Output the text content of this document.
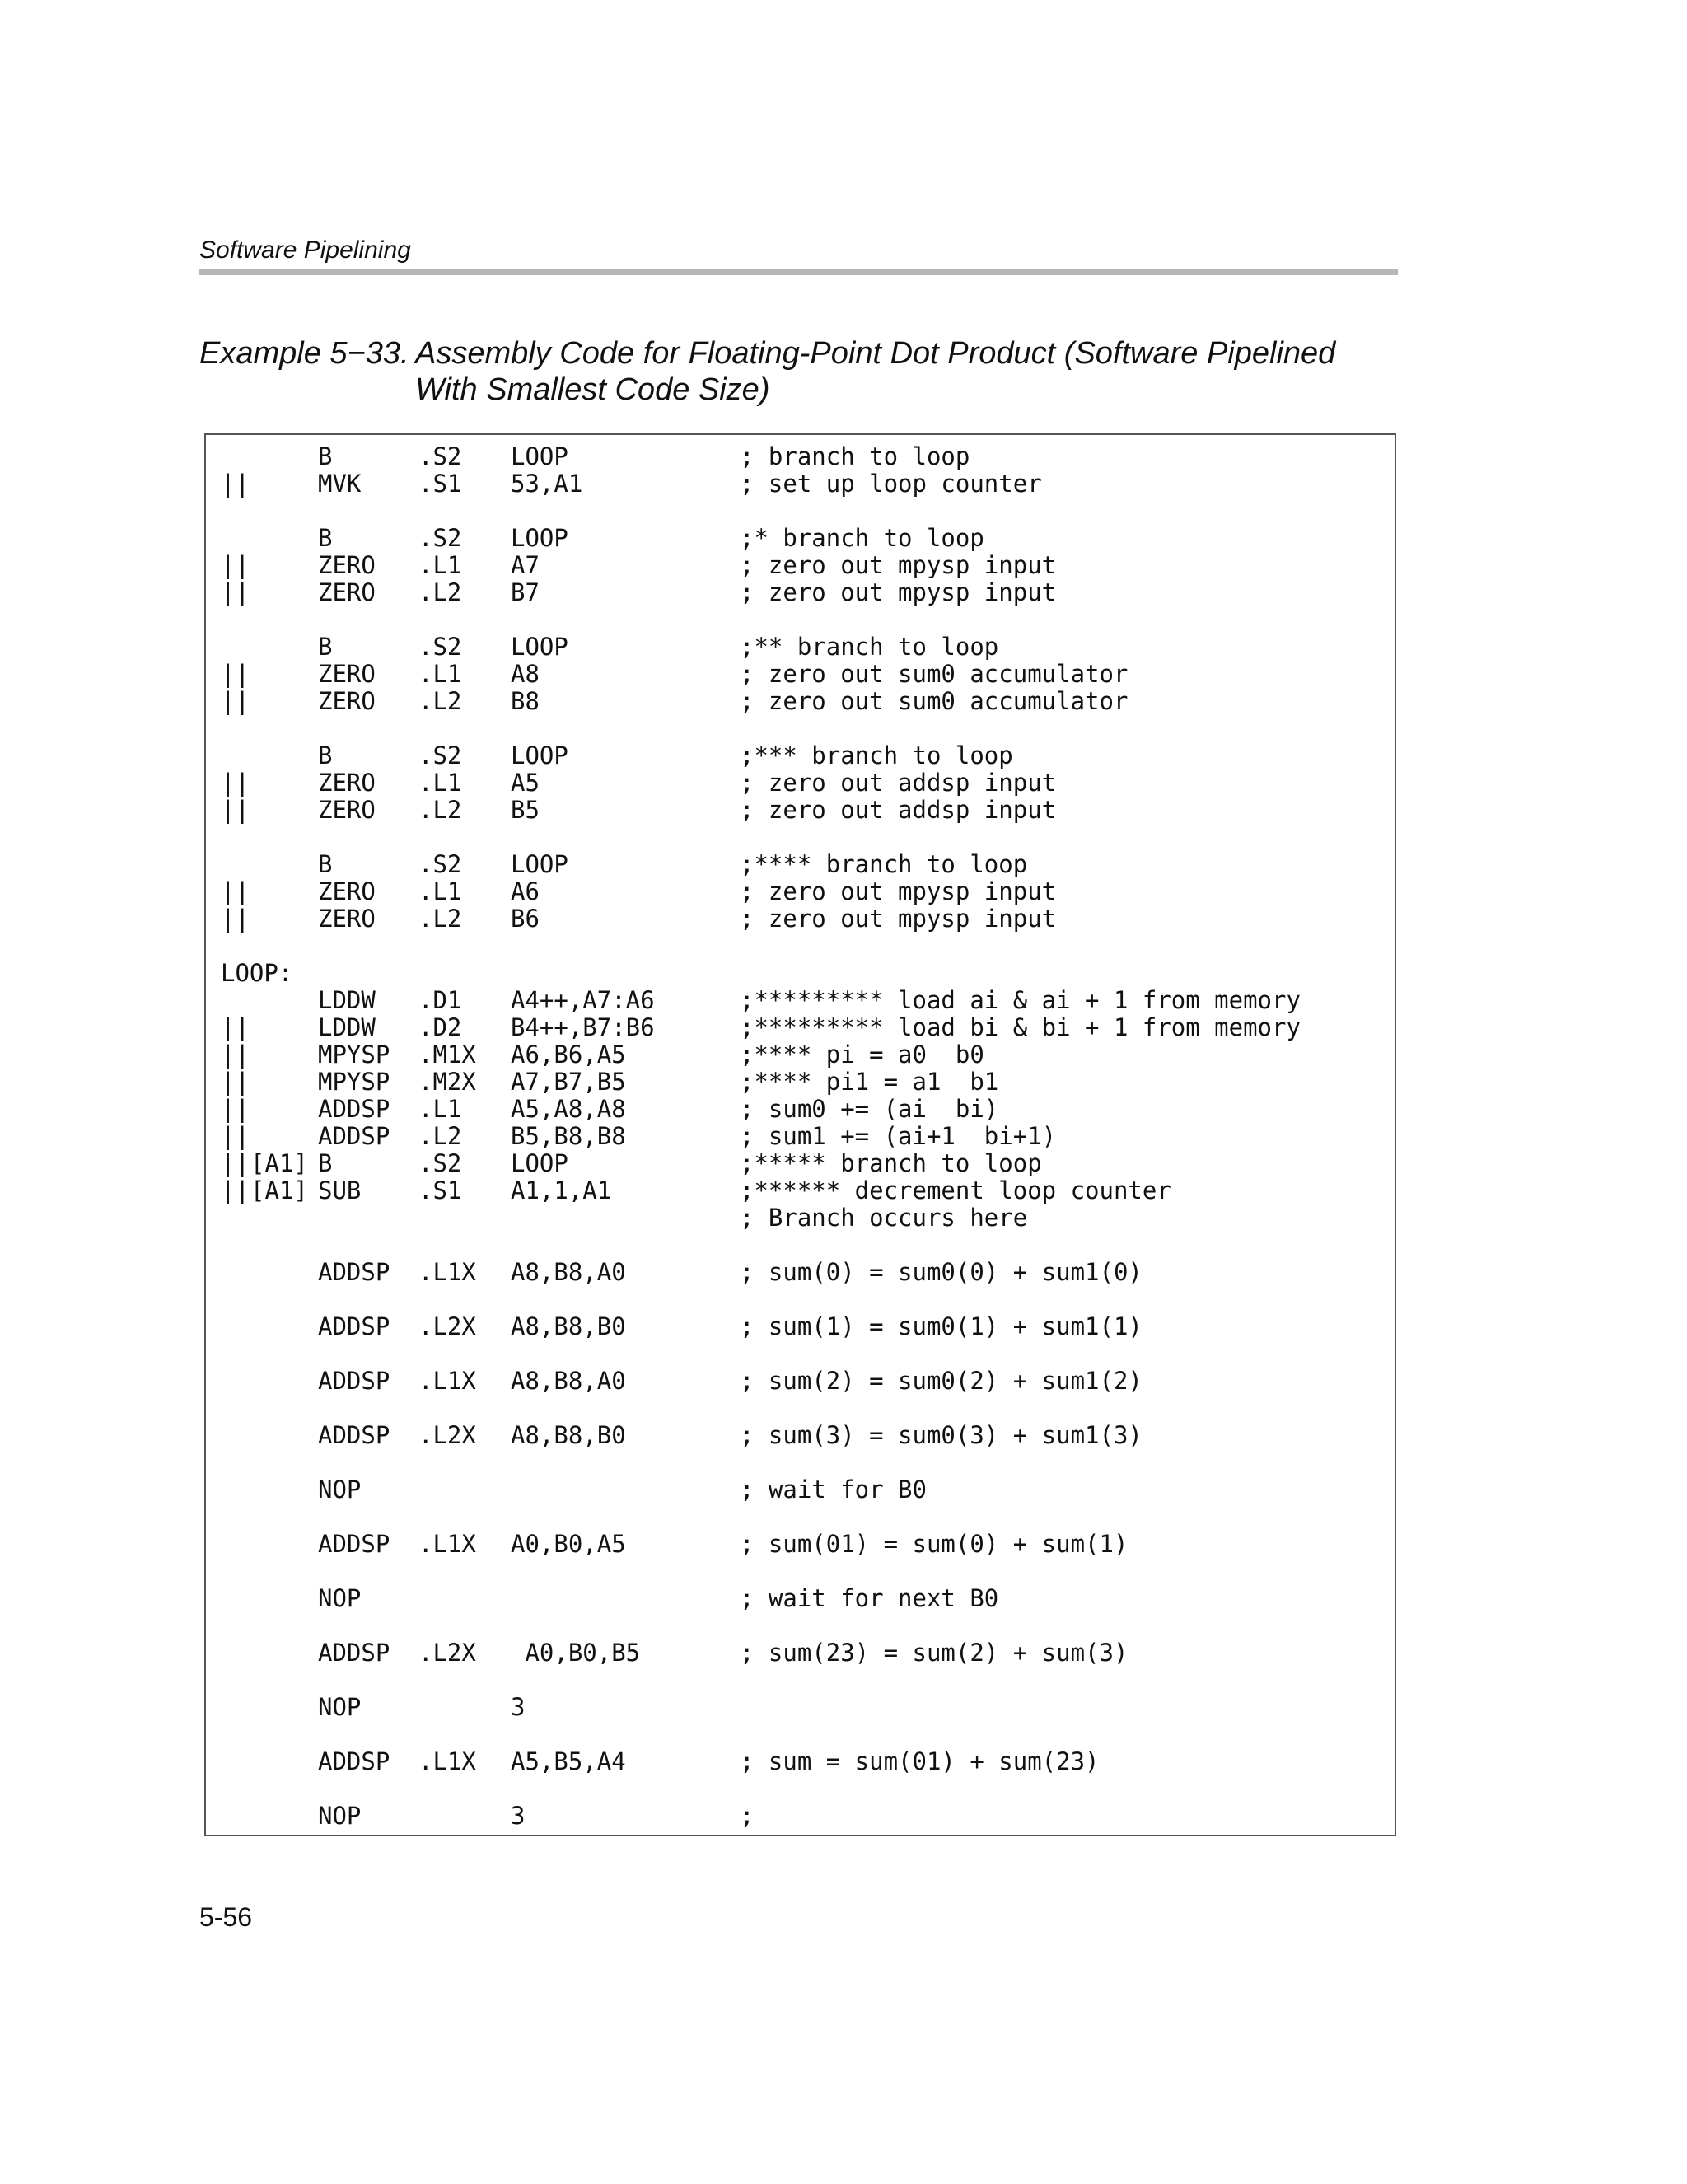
Software Pipelining
Example 5−33. Assembly Code for Floating-Point Dot Product (Software Pipelined
With Smallest Code Size)
B	.S2 LOOP	; branch to loop
||	MVK .S1 53,A1	; set up loop counter
B	.S2 LOOP	;* branch to loop
||	ZERO .L1 A7	; zero out mpysp input
||	ZERO .L2 B7	; zero out mpysp input
B	.S2 LOOP	;** branch to loop
||	ZERO .L1 A8	; zero out sum0 accumulator
||	ZERO .L2 B8	; zero out sum0 accumulator
B	.S2 LOOP	;*** branch to loop
||	ZERO .L1 A5	; zero out addsp input
||	ZERO .L2 B5	; zero out addsp input
B	.S2 LOOP	;**** branch to loop
||	ZERO .L1 A6	; zero out mpysp input
||	ZERO .L2 B6	; zero out mpysp input
LOOP:
LDDW .D1 A4++,A7:A6	;********* load ai & ai + 1 from memory
||	LDDW .D2 B4++,B7:B6	;********* load bi & bi + 1 from memory
||	MPYSP .M1X A6,B6,A5	;**** pi = a0  b0
||	MPYSP .M2X A7,B7,B5	;**** pi1 = a1  b1
||	ADDSP .L1 A5,A8,A8	; sum0 += (ai  bi)
||	ADDSP .L2 B5,B8,B8	; sum1 += (ai+1  bi+1)
|| [A1] B	.S2 LOOP	;***** branch to loop
|| [A1] SUB .S1 A1,1,A1	;****** decrement loop counter
; Branch occurs here
ADDSP .L1X A8,B8,A0	; sum(0) = sum0(0) + sum1(0)
ADDSP .L2X A8,B8,B0	; sum(1) = sum0(1) + sum1(1)
ADDSP .L1X A8,B8,A0	; sum(2) = sum0(2) + sum1(2)
ADDSP .L2X A8,B8,B0	; sum(3) = sum0(3) + sum1(3)
NOP	; wait for B0
ADDSP .L1X A0,B0,A5	; sum(01) = sum(0) + sum(1)
NOP	; wait for next B0
ADDSP .L2X A0,B0,B5	; sum(23) = sum(2) + sum(3)
NOP	3
ADDSP .L1X A5,B5,A4	; sum = sum(01) + sum(23)
NOP	3	;
5-56
